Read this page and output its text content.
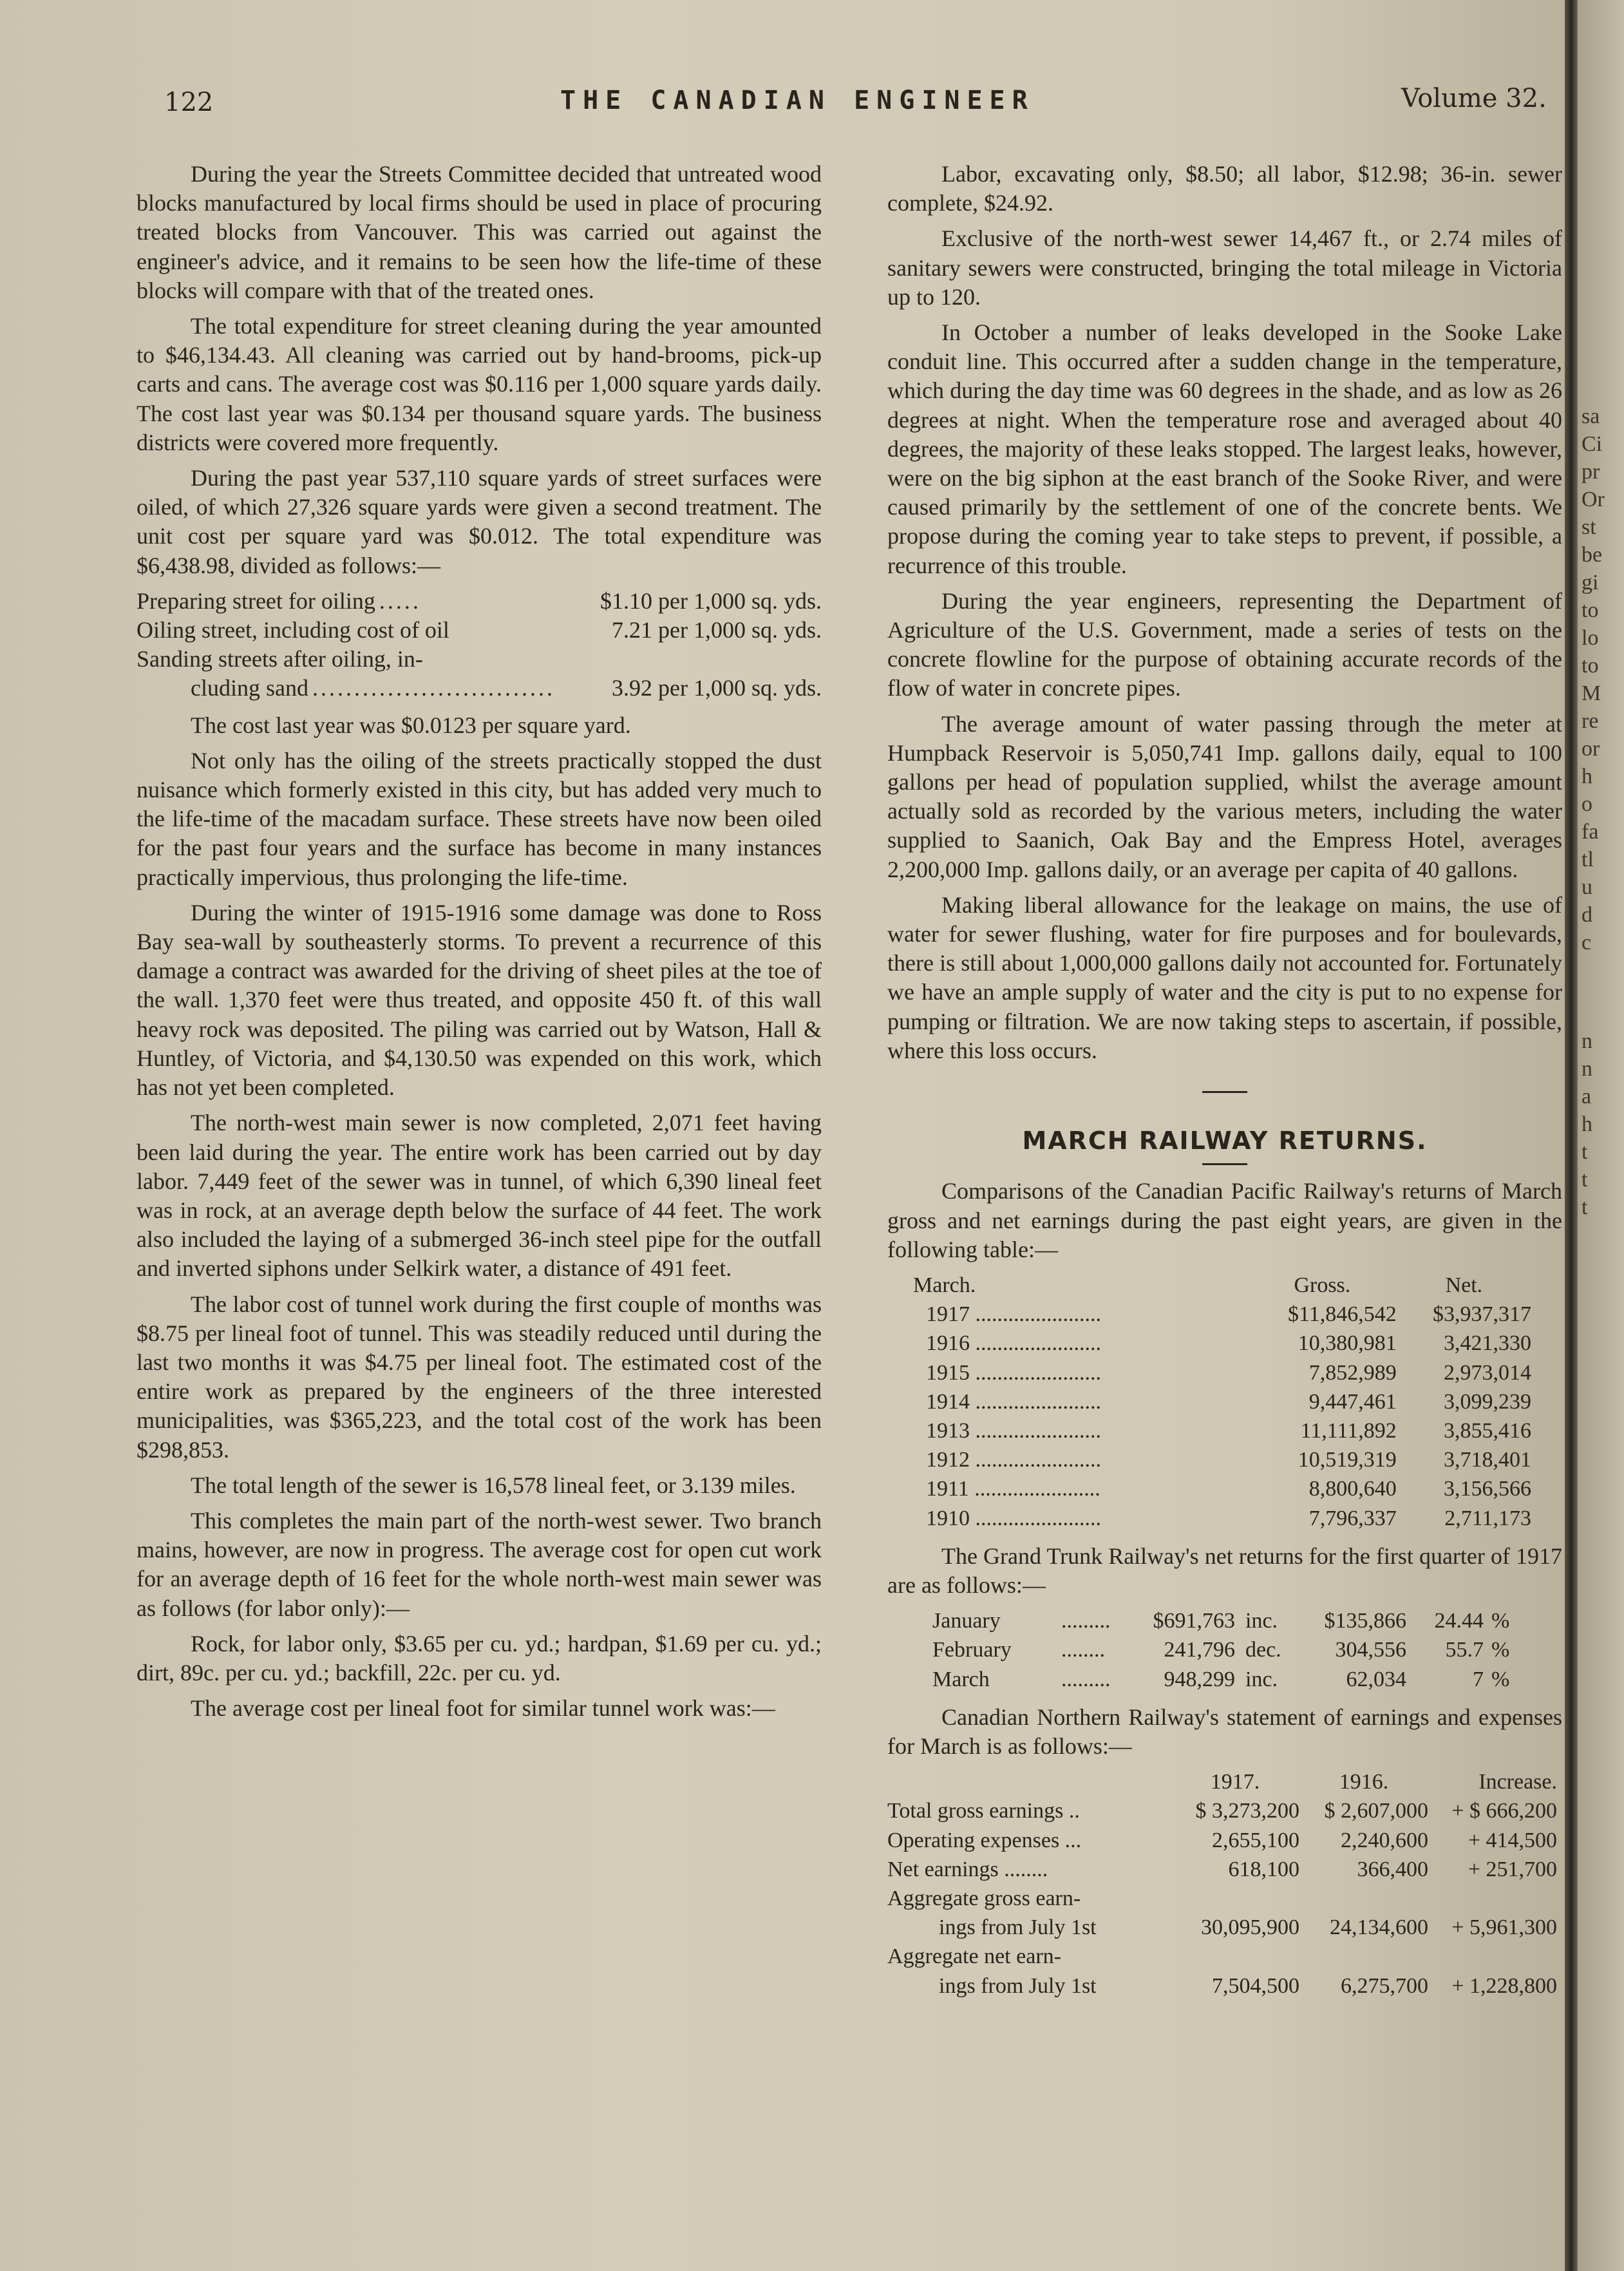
122	THE CANADIAN ENGINEER	Volume 32.

During the year the Streets Committee decided that untreated wood blocks manufactured by local firms should be used in place of procuring treated blocks from Vancouver. This was carried out against the engineer's advice, and it remains to be seen how the life-time of these blocks will compare with that of the treated ones.

The total expenditure for street cleaning during the year amounted to $46,134.43. All cleaning was carried out by hand-brooms, pick-up carts and cans. The average cost was $0.116 per 1,000 square yards daily. The cost last year was $0.134 per thousand square yards. The business districts were covered more frequently.

During the past year 537,110 square yards of street surfaces were oiled, of which 27,326 square yards were given a second treatment. The unit cost per square yard was $0.012. The total expenditure was $6,438.98, divided as follows:—

Preparing street for oiling .....	$1.10 per 1,000 sq. yds.
Oiling street, including cost of oil	7.21 per 1,000 sq. yds.
Sanding streets after oiling, in-
cluding sand .............................	3.92 per 1,000 sq. yds.

The cost last year was $0.0123 per square yard.

Not only has the oiling of the streets practically stopped the dust nuisance which formerly existed in this city, but has added very much to the life-time of the macadam surface. These streets have now been oiled for the past four years and the surface has become in many instances practically impervious, thus prolonging the life-time.

During the winter of 1915-1916 some damage was done to Ross Bay sea-wall by southeasterly storms. To prevent a recurrence of this damage a contract was awarded for the driving of sheet piles at the toe of the wall. 1,370 feet were thus treated, and opposite 450 ft. of this wall heavy rock was deposited. The piling was carried out by Watson, Hall & Huntley, of Victoria, and $4,130.50 was expended on this work, which has not yet been completed.

The north-west main sewer is now completed, 2,071 feet having been laid during the year. The entire work has been carried out by day labor. 7,449 feet of the sewer was in tunnel, of which 6,390 lineal feet was in rock, at an average depth below the surface of 44 feet. The work also included the laying of a submerged 36-inch steel pipe for the outfall and inverted siphons under Selkirk water, a distance of 491 feet.

The labor cost of tunnel work during the first couple of months was $8.75 per lineal foot of tunnel. This was steadily reduced until during the last two months it was $4.75 per lineal foot. The estimated cost of the entire work as prepared by the engineers of the three interested municipalities, was $365,223, and the total cost of the work has been $298,853.

The total length of the sewer is 16,578 lineal feet, or 3.139 miles.

This completes the main part of the north-west sewer. Two branch mains, however, are now in progress. The average cost for open cut work for an average depth of 16 feet for the whole north-west main sewer was as follows (for labor only):—

Rock, for labor only, $3.65 per cu. yd.; hardpan, $1.69 per cu. yd.; dirt, 89c. per cu. yd.; backfill, 22c. per cu. yd.

The average cost per lineal foot for similar tunnel work was:—

Labor, excavating only, $8.50; all labor, $12.98; 36-in. sewer complete, $24.92.

Exclusive of the north-west sewer 14,467 ft., or 2.74 miles of sanitary sewers were constructed, bringing the total mileage in Victoria up to 120.

In October a number of leaks developed in the Sooke Lake conduit line. This occurred after a sudden change in the temperature, which during the day time was 60 degrees in the shade, and as low as 26 degrees at night. When the temperature rose and averaged about 40 degrees, the majority of these leaks stopped. The largest leaks, however, were on the big siphon at the east branch of the Sooke River, and were caused primarily by the settlement of one of the concrete bents. We propose during the coming year to take steps to prevent, if possible, a recurrence of this trouble.

During the year engineers, representing the Department of Agriculture of the U.S. Government, made a series of tests on the concrete flowline for the purpose of obtaining accurate records of the flow of water in concrete pipes.

The average amount of water passing through the meter at Humpback Reservoir is 5,050,741 Imp. gallons daily, equal to 100 gallons per head of population supplied, whilst the average amount actually sold as recorded by the various meters, including the water supplied to Saanich, Oak Bay and the Empress Hotel, averages 2,200,000 Imp. gallons daily, or an average per capita of 40 gallons.

Making liberal allowance for the leakage on mains, the use of water for sewer flushing, water for fire purposes and for boulevards, there is still about 1,000,000 gallons daily not accounted for. Fortunately we have an ample supply of water and the city is put to no expense for pumping or filtration. We are now taking steps to ascertain, if possible, where this loss occurs.

MARCH RAILWAY RETURNS.

Comparisons of the Canadian Pacific Railway's returns of March gross and net earnings during the past eight years, are given in the following table:—

March.	Gross.	Net.
1917 .......................	$11,846,542	$3,937,317
1916 .......................	10,380,981	3,421,330
1915 .......................	7,852,989	2,973,014
1914 .......................	9,447,461	3,099,239
1913 .......................	11,111,892	3,855,416
1912 .......................	10,519,319	3,718,401
1911 .......................	8,800,640	3,156,566
1910 .......................	7,796,337	2,711,173

The Grand Trunk Railway's net returns for the first quarter of 1917 are as follows:—

January	.........	$691,763	inc.	$135,866	24.44	%
February	........	241,796	dec.	304,556	55.7	%
March	.........	948,299	inc.	62,034	7	%

Canadian Northern Railway's statement of earnings and expenses for March is as follows:—

	1917.	1916.	Increase.
Total gross earnings ..	$ 3,273,200	$ 2,607,000	+ $ 666,200
Operating expenses ...	2,655,100	2,240,600	+ 414,500
Net earnings ........	618,100	366,400	+ 251,700
Aggregate gross earn-			
ings from July 1st	30,095,900	24,134,600	+ 5,961,300
Aggregate net earn-			
ings from July 1st	7,504,500	6,275,700	+ 1,228,800
sa
Ci
pr
Or
st
be
gi
to
lo
to
M
re
or
h
o
fa
tl
u
d
c
n
n
a
h
t
t
t
